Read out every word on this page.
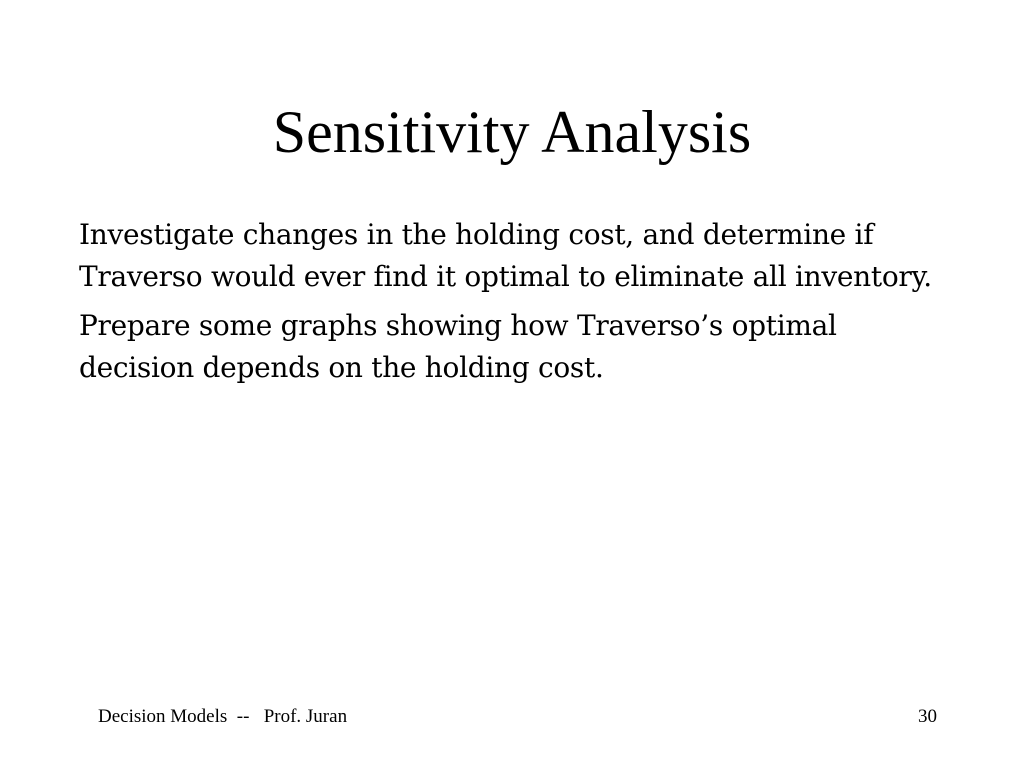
Sensitivity Analysis

Investigate changes in the holding cost, and determine if Traverso would ever find it optimal to eliminate all inventory.

Prepare some graphs showing how Traverso’s optimal decision depends on the holding cost.

Decision Models  --   Prof. Juran	30
